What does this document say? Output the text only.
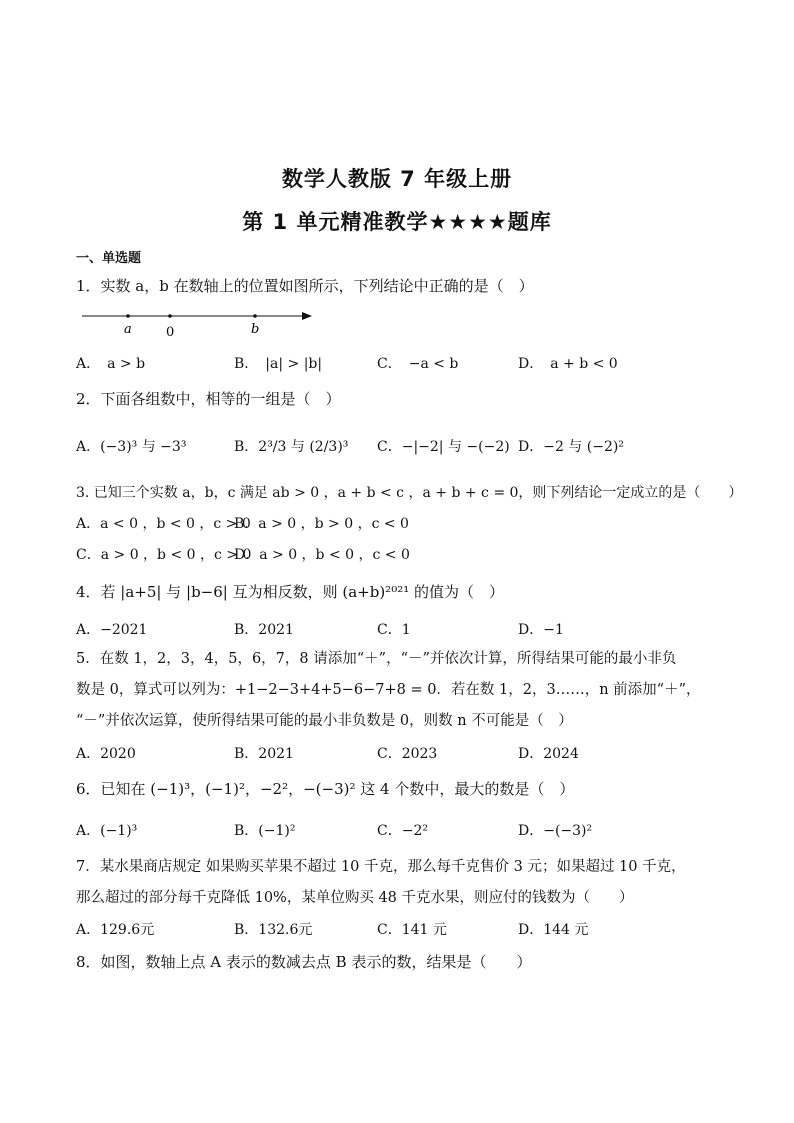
数学人教版 7 年级上册
第 1 单元精准教学★★★★题库
一、单选题
1．实数 a，b 在数轴上的位置如图所示，下列结论中正确的是（　）
a	0	b
A．　a > b	B．　|a| > |b|	C．　−a < b	D．　a + b < 0
2．下面各组数中，相等的一组是（　）
A．(−3)³ 与 −3³	B．2³/3 与 (2/3)³ C．−|−2| 与 −(−2) D．−2 与 (−2)²
3. 已知三个实数 a，b，c 满足 ab > 0 ，a + b < c ，a + b + c = 0，则下列结论一定成立的是（　　）
A．a < 0 ，b < 0 ，c > 0
B．a > 0 ，b > 0 ，c < 0
C．a > 0 ，b < 0 ，c > 0
D．a > 0 ，b < 0 ，c < 0
4．若 |a+5| 与 |b−6| 互为相反数，则 (a+b)²⁰²¹ 的值为（　）
A．−2021	B．2021	C．1	D．−1
5．在数 1，2，3，4，5，6，7，8 请添加“＋”，“－”并依次计算，所得结果可能的最小非负
数是 0，算式可以列为：+1−2−3+4+5−6−7+8 = 0．若在数 1，2，3……，n 前添加“＋”，
“－”并依次运算，使所得结果可能的最小非负数是 0，则数 n 不可能是（　）
A．2020	B．2021	C．2023	D．2024
6．已知在 (−1)³，(−1)²，−2²，−(−3)² 这 4 个数中，最大的数是（　）
A．(−1)³	B．(−1)²	C．−2²	D．−(−3)²
7．某水果商店规定 如果购买苹果不超过 10 千克，那么每千克售价 3 元；如果超过 10 千克，
那么超过的部分每千克降低 10%，某单位购买 48 千克水果，则应付的钱数为（　　）
A．129.6元	B．132.6元	C．141 元	D．144 元
8．如图，数轴上点 A 表示的数减去点 B 表示的数，结果是（　　）
